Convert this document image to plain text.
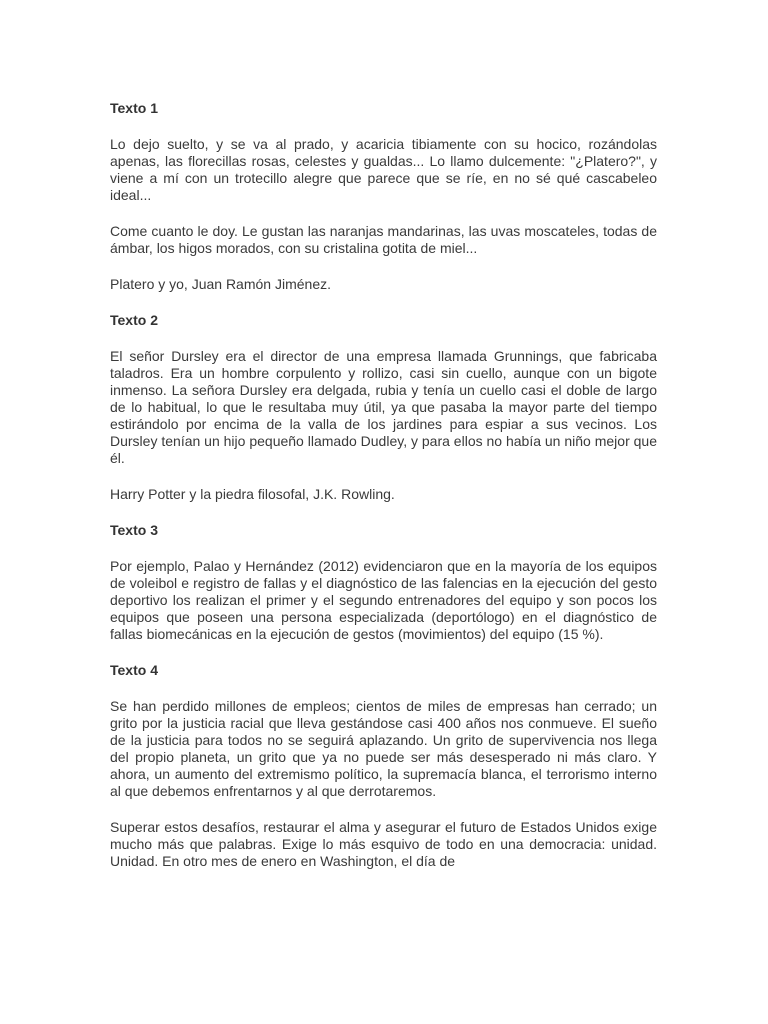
Texto 1

Lo dejo suelto, y se va al prado, y acaricia tibiamente con su hocico, rozándolas apenas, las florecillas rosas, celestes y gualdas... Lo llamo dulcemente: "¿Platero?", y viene a mí con un trotecillo alegre que parece que se ríe, en no sé qué cascabeleo ideal...

Come cuanto le doy. Le gustan las naranjas mandarinas, las uvas moscateles, todas de ámbar, los higos morados, con su cristalina gotita de miel...

Platero y yo, Juan Ramón Jiménez.

Texto 2

El señor Dursley era el director de una empresa llamada Grunnings, que fabricaba taladros. Era un hombre corpulento y rollizo, casi sin cuello, aunque con un bigote inmenso. La señora Dursley era delgada, rubia y tenía un cuello casi el doble de largo de lo habitual, lo que le resultaba muy útil, ya que pasaba la mayor parte del tiempo estirándolo por encima de la valla de los jardines para espiar a sus vecinos. Los Dursley tenían un hijo pequeño llamado Dudley, y para ellos no había un niño mejor que él.

Harry Potter y la piedra filosofal, J.K. Rowling.

Texto 3

Por ejemplo, Palao y Hernández (2012) evidenciaron que en la mayoría de los equipos de voleibol e registro de fallas y el diagnóstico de las falencias en la ejecución del gesto deportivo los realizan el primer y el segundo entrenadores del equipo y son pocos los equipos que poseen una persona especializada (deportólogo) en el diagnóstico de fallas biomecánicas en la ejecución de gestos (movimientos) del equipo (15 %).

Texto 4

Se han perdido millones de empleos; cientos de miles de empresas han cerrado; un grito por la justicia racial que lleva gestándose casi 400 años nos conmueve. El sueño de la justicia para todos no se seguirá aplazando. Un grito de supervivencia nos llega del propio planeta, un grito que ya no puede ser más desesperado ni más claro. Y ahora, un aumento del extremismo político, la supremacía blanca, el terrorismo interno al que debemos enfrentarnos y al que derrotaremos.

Superar estos desafíos, restaurar el alma y asegurar el futuro de Estados Unidos exige mucho más que palabras. Exige lo más esquivo de todo en una democracia: unidad. Unidad. En otro mes de enero en Washington, el día de
